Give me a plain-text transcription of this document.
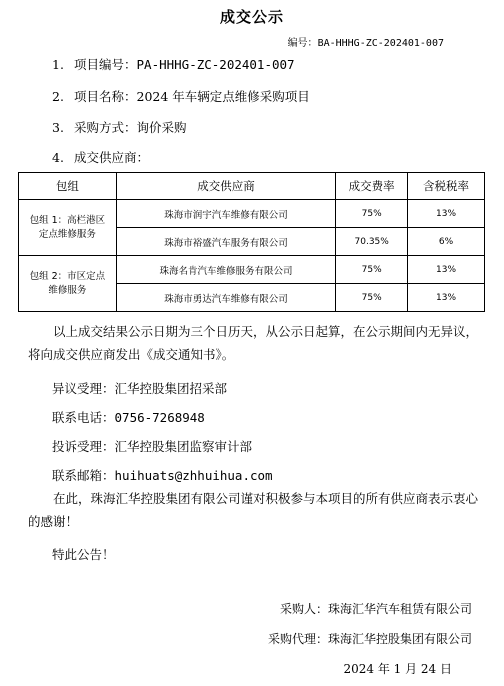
成交公示
编号：BA-HHHG-ZC-202401-007
1. 项目编号：PA-HHHG-ZC-202401-007
2. 项目名称：2024 年车辆定点维修采购项目
3. 采购方式：询价采购
4. 成交供应商：
包组	成交供应商	成交费率	含税税率

包组 1：高栏港区
定点维修服务	珠海市润宇汽车维修有限公司	75%	13%
	珠海市裕盛汽车服务有限公司	70.35%	6%

包组 2：市区定点
维修服务	珠海名肯汽车维修服务有限公司	75%	13%
	珠海市勇达汽车维修有限公司	75%	13%
以上成交结果公示日期为三个日历天，从公示日起算，在公示期间内无异议，将向成交供应商发出《成交通知书》。
异议受理：汇华控股集团招采部
联系电话：0756-7268948
投诉受理：汇华控股集团监察审计部
联系邮箱：huihuats@zhhuihua.com
在此，珠海汇华控股集团有限公司谨对积极参与本项目的所有供应商表示衷心的感谢！
特此公告！
采购人：珠海汇华汽车租赁有限公司
采购代理：珠海汇华控股集团有限公司
2024 年 1 月 24 日
